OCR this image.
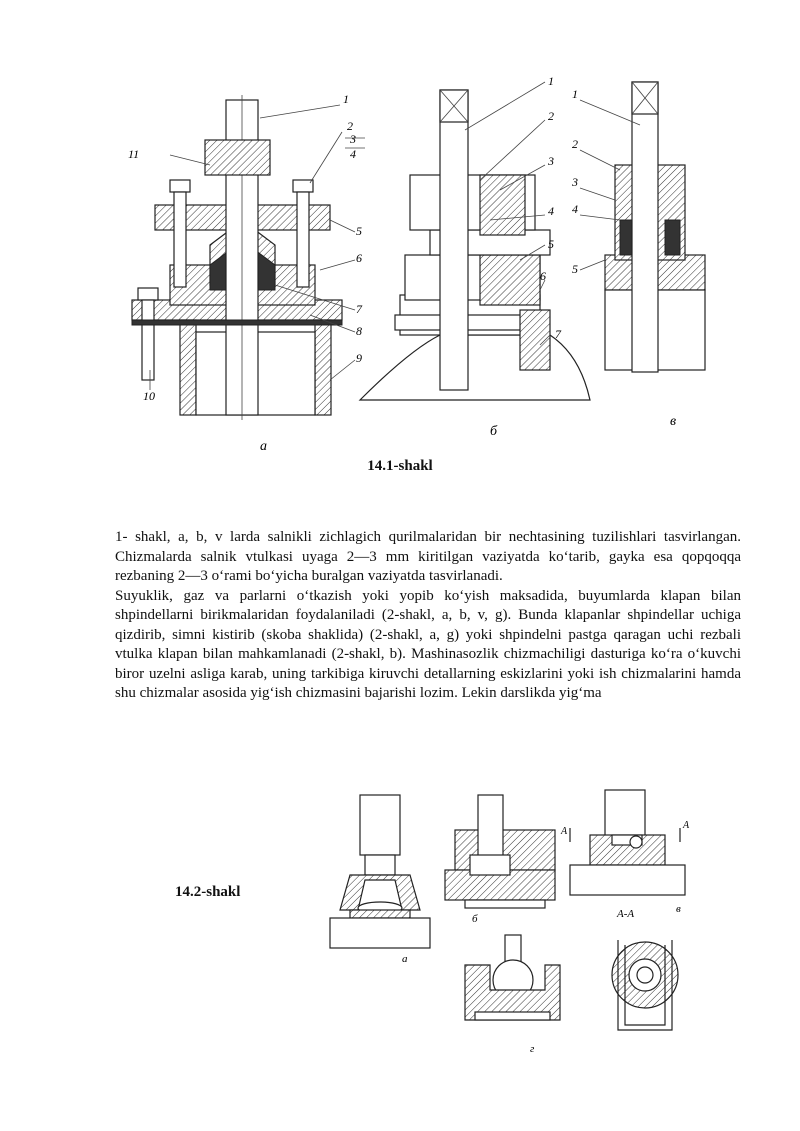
1
2
3
4
5
6
7
8
9
10
11
a
1
2
3
4
5
6
7
б
1
2
3
4
5
в
14.1-shakl

1- shakl, a, b, v larda salnikli zichlagich qurilmalaridan bir nechtasining tuzilishlari tasvirlangan. Chizmalarda salnik vtulkasi uyaga 2—3 mm kiritilgan vaziyatda ko‘tarib, gayka esa qopqoqqa rezbaning 2—3 o‘rami bo‘yicha buralgan vaziyatda tasvirlanadi.

Suyuklik, gaz va parlarni o‘tkazish yoki yopib ko‘yish maksadida, buyumlarda klapan bilan shpindellarni birikmalaridan foydalaniladi (2-shakl, a, b, v, g). Bunda klapanlar shpindellar uchiga qizdirib, simni kistirib (skoba shaklida) (2-shakl, a, g) yoki shpindelni pastga qaragan uchi rezbali vtulka klapan bilan mahkamlanadi (2-shakl, b). Mashinasozlik chizmachiligi dasturiga ko‘ra o‘kuvchi biror uzelni asliga karab, uning tarkibiga kiruvchi detallarning eskizlarini yoki ish chizmalarini hamda shu chizmalar asosida yig‘ish chizmasini bajarishi lozim. Lekin darslikda yig‘ma

14.2-shakl
a
б
A
A
A-A	в
г
